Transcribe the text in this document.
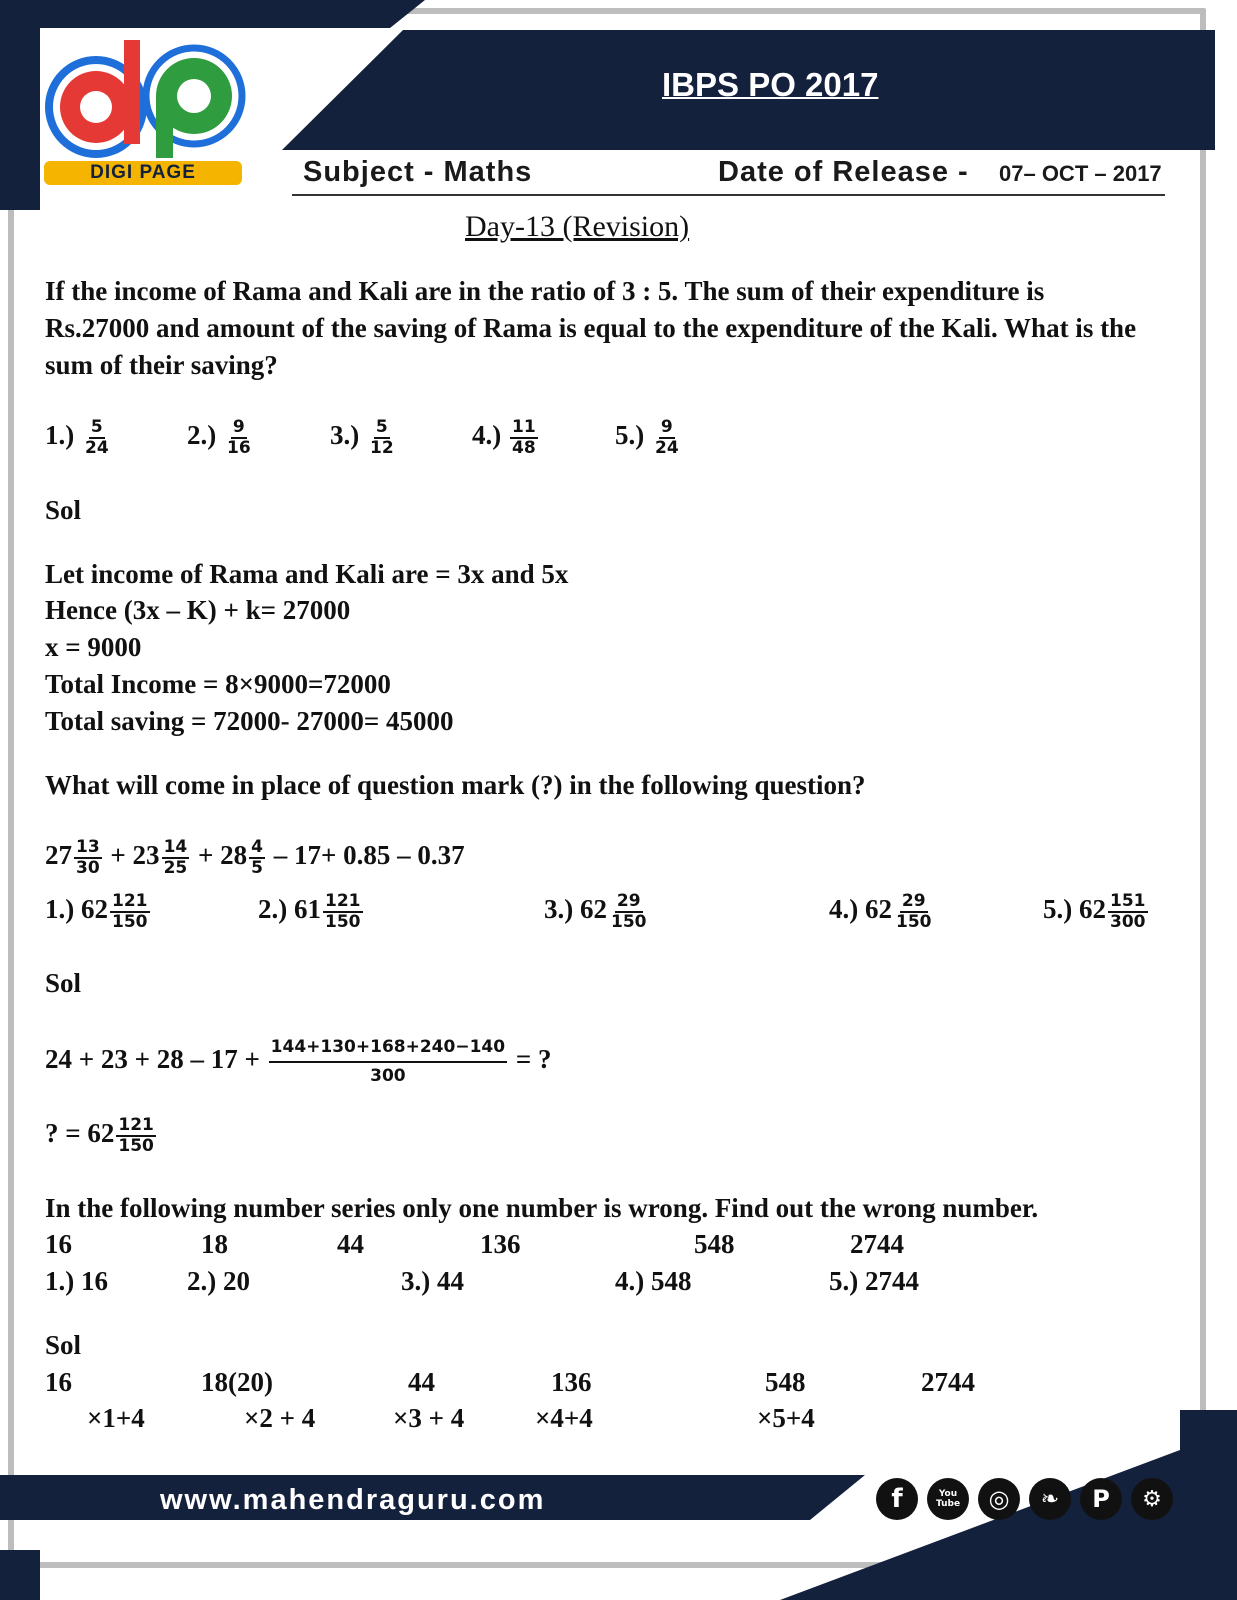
DIGI PAGE
IBPS PO 2017
Subject - Maths	Date of Release - 07– OCT – 2017
Day-13 (Revision)
If the income of Rama and Kali are in the ratio of 3 : 5. The sum of their expenditure is
Rs.27000 and amount of the saving of Rama is equal to the expenditure of the Kali. What is the
sum of their saving?
$1.) \frac{5}{24}$	$2.) \frac{9}{16}$	$3.) \frac{5}{12}$	$4.) \frac{11}{48}$	$5.) \frac{9}{24}$
Sol
Let income of Rama and Kali are = 3x and 5x
Hence (3x – K) + k= 27000
x = 9000
Total Income = 8×9000=72000
Total saving = 72000- 27000= 45000
What will come in place of question mark (?) in the following question?
$27 \frac{13}{30} + 23 \frac{14}{25} + 28 \frac{4}{5} - 17+ 0.85 - 0.37$
1.) $62 \frac{121}{150}$	2.) $61 \frac{121}{150}$	3.) $62 \frac{29}{150}$	4.) $62 \frac{29}{150}$	5.) $62 \frac{151}{300}$
Sol
$24 + 23 + 28 - 17 + \frac{144+130+168+240-140}{300}$ = ?
? = $62 \frac{121}{150}$
In the following number series only one number is wrong. Find out the wrong number.
16	18	44	136	548	2744
1.) 16	2.) 20	3.) 44	4.) 548	5.) 2744
Sol
16	18(20)	44	136	548	2744
×1+4	×2 + 4	×3 + 4	×4+4	×5+4
www.mahendraguru.com	f	You Tube	◎	❧	P	⚙
